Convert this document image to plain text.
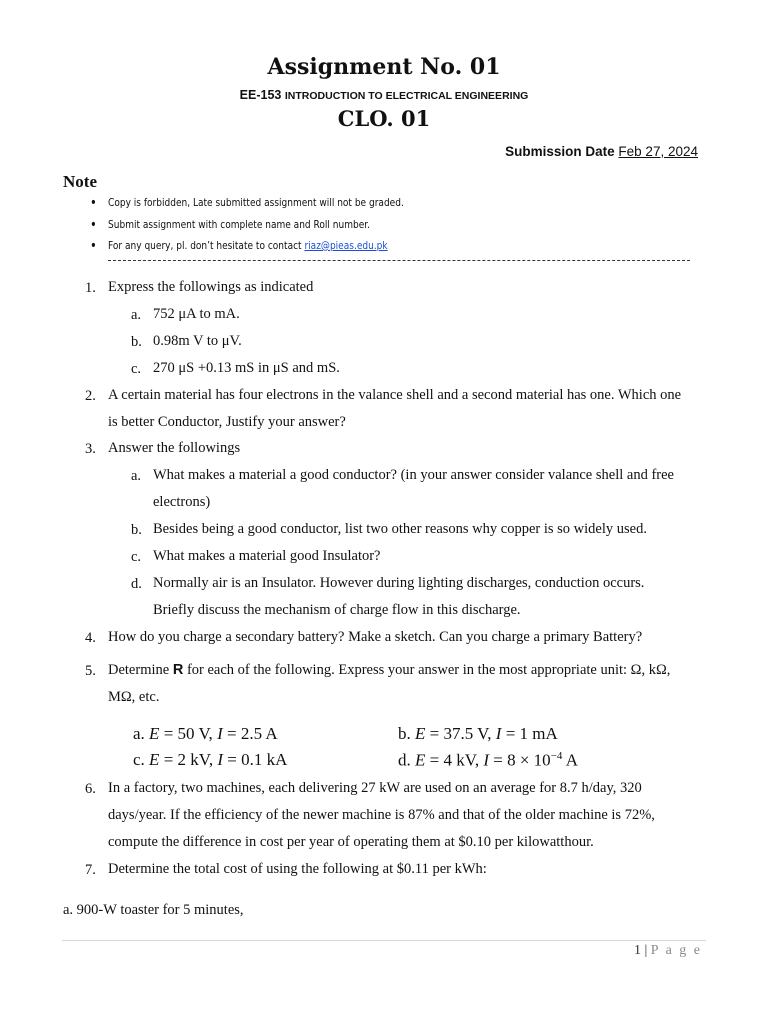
Assignment No. 01
EE-153 INTRODUCTION TO ELECTRICAL ENGINEERING
CLO. 01
Submission Date Feb 27, 2024
Note
• Copy is forbidden, Late submitted assignment will not be graded.
• Submit assignment with complete name and Roll number.
• For any query, pl. don’t hesitate to contact riaz@pieas.edu.pk
1. Express the followings as indicated
a. 752 μA to mA.
b. 0.98m V to μV.
c. 270 μS +0.13 mS in μS and mS.
2. A certain material has four electrons in the valance shell and a second material has one. Which one
is better Conductor, Justify your answer?
3. Answer the followings
a. What makes a material a good conductor? (in your answer consider valance shell and free
electrons)
b. Besides being a good conductor, list two other reasons why copper is so widely used.
c. What makes a material good Insulator?
d. Normally air is an Insulator. However during lighting discharges, conduction occurs.
Briefly discuss the mechanism of charge flow in this discharge.
4. How do you charge a secondary battery? Make a sketch. Can you charge a primary Battery?
5. Determine R for each of the following. Express your answer in the most appropriate unit: Ω, kΩ,
MΩ, etc.
a. E = 50 V, I = 2.5 A	b. E = 37.5 V, I = 1 mA
c. E = 2 kV, I = 0.1 kA	d. E = 4 kV, $I = 8 \times 10^{-4}$ A
6. In a factory, two machines, each delivering 27 kW are used on an average for 8.7 h/day, 320
days/year. If the efficiency of the newer machine is 87% and that of the older machine is 72%,
compute the difference in cost per year of operating them at $0.10 per kilowatthour.
7. Determine the total cost of using the following at $0.11 per kWh:
a. 900-W toaster for 5 minutes,
1 | P a g e
